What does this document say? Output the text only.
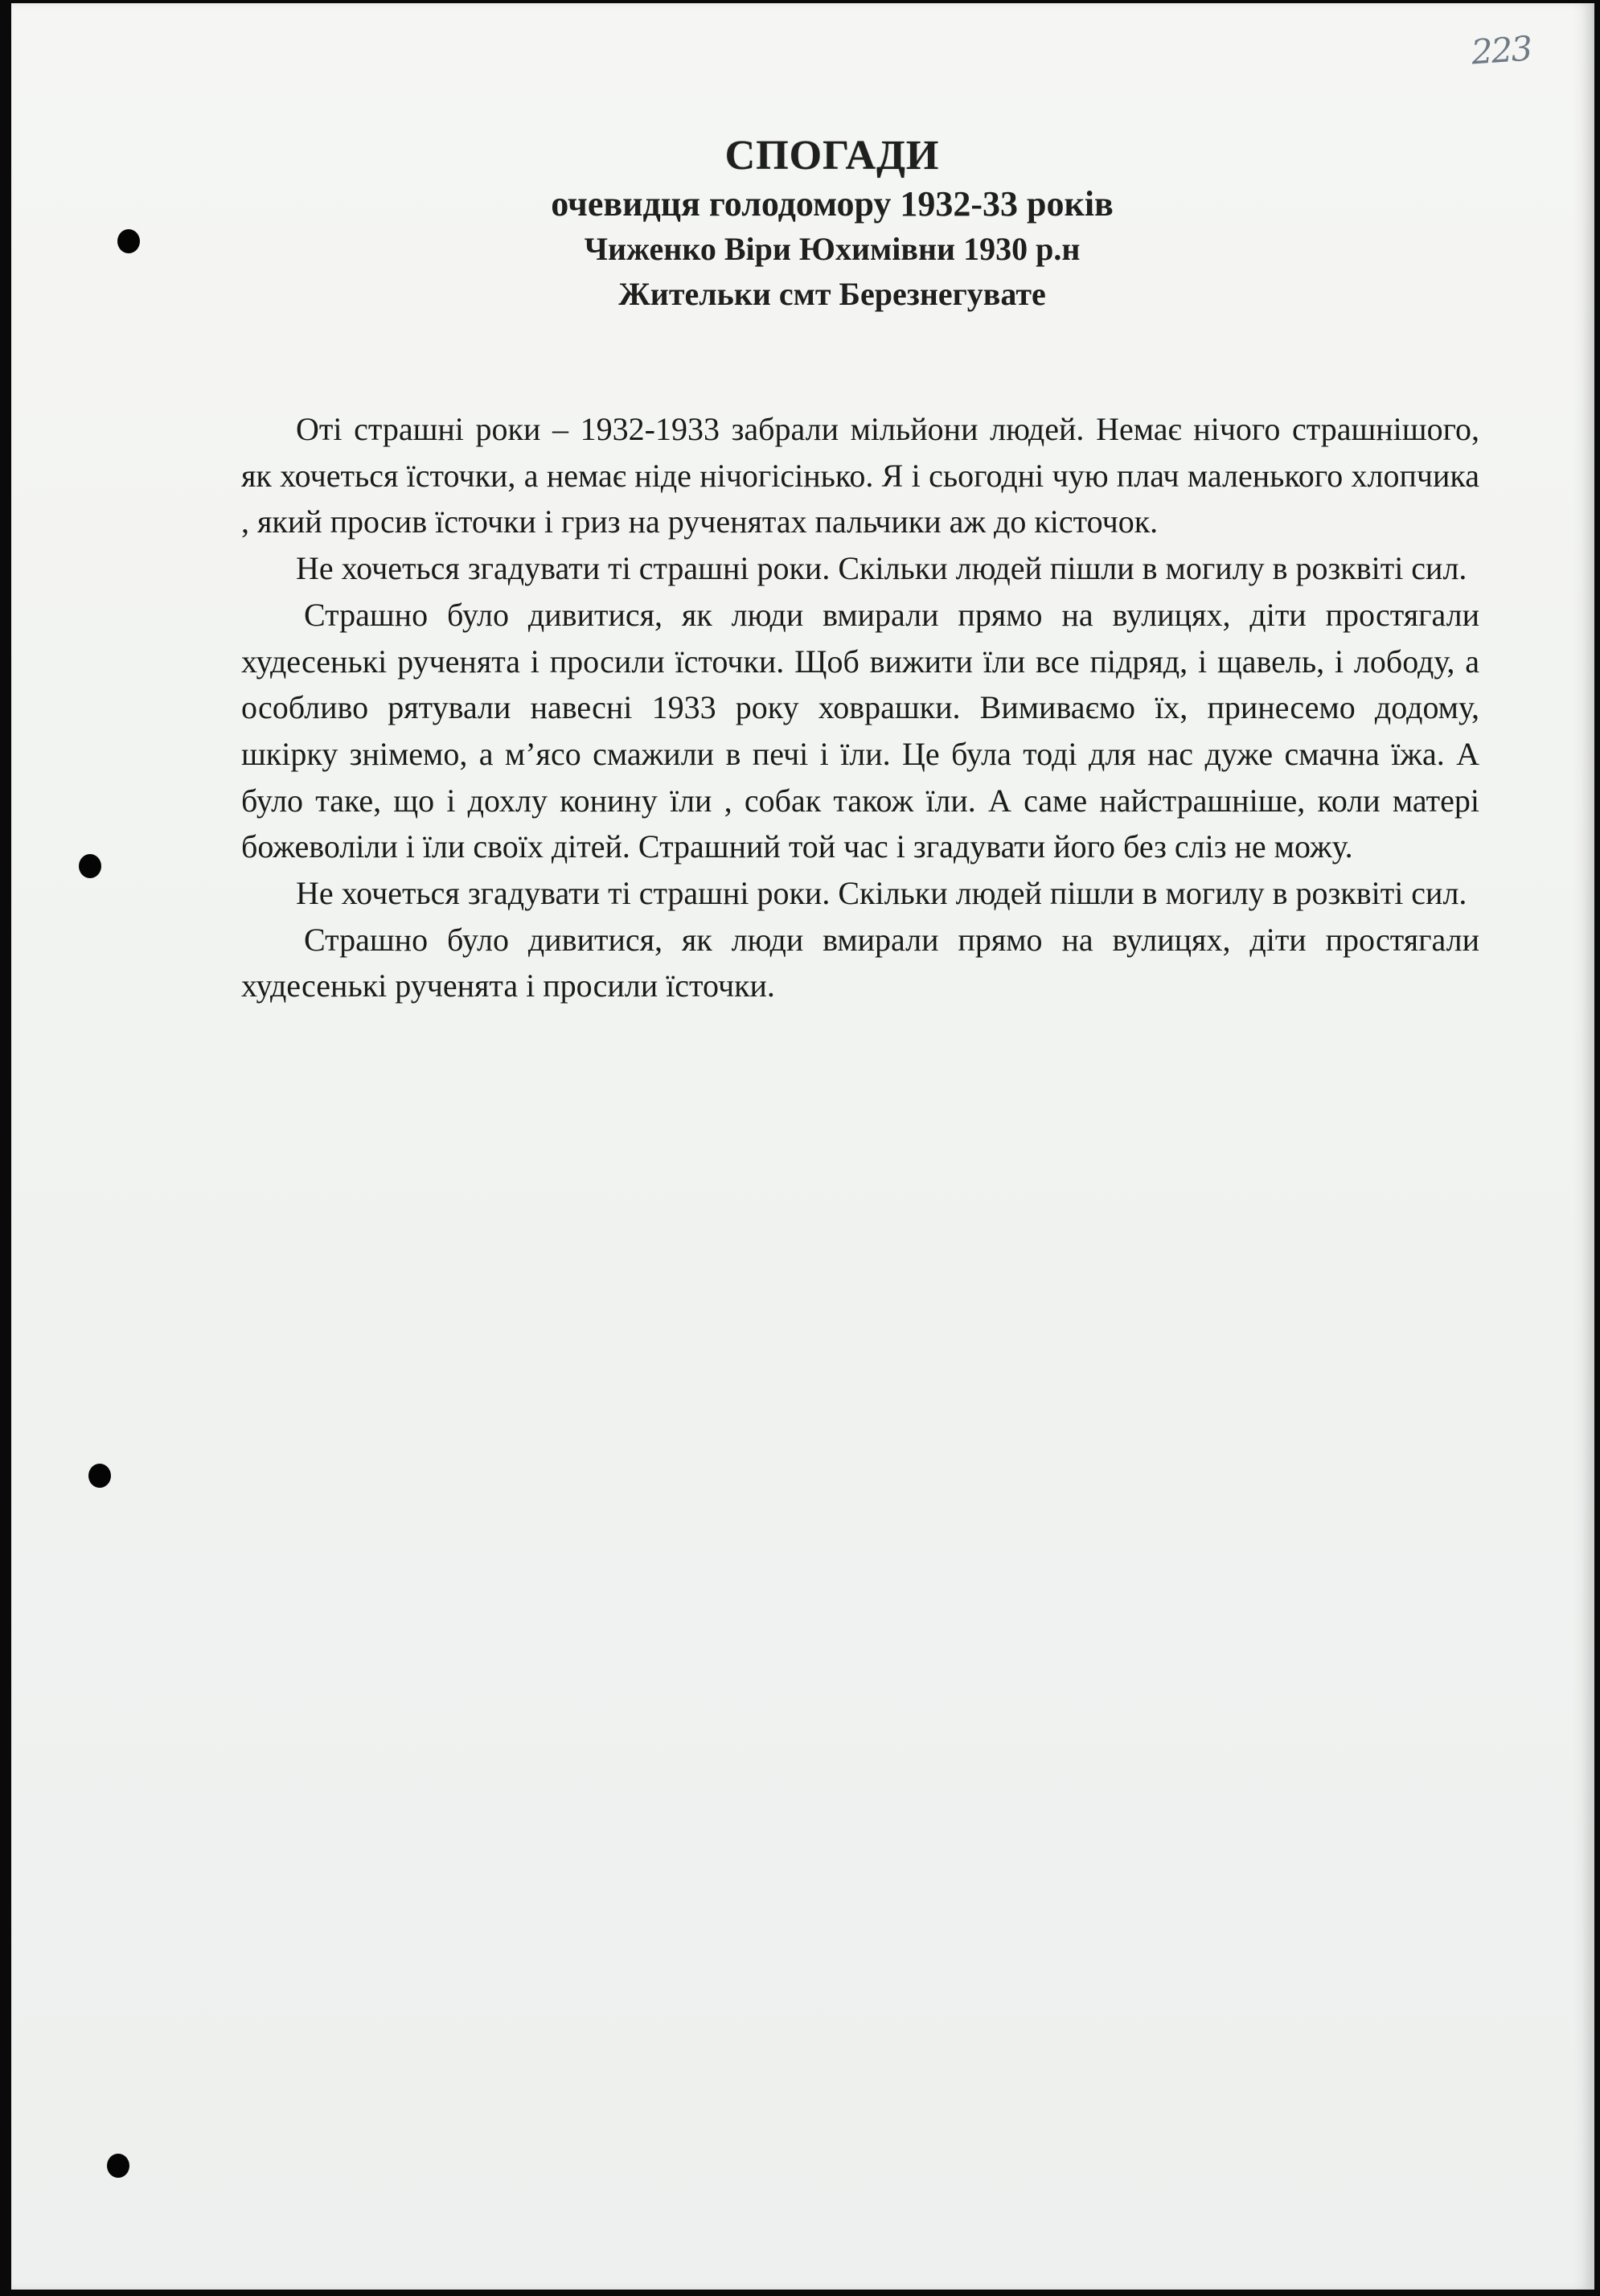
223
СПОГАДИ
очевидця голодомору 1932-33 років
Чиженко Віри Юхимівни 1930 р.н
Жительки смт Березнегувате

Оті страшні роки – 1932-1933 забрали мільйони людей. Немає нічого страшнішого, як хочеться їсточки, а немає ніде нічогісінько. Я і сьогодні чую плач маленького хлопчика , який просив їсточки і гриз на рученятах пальчики аж до кісточок.

Не хочеться згадувати ті страшні роки. Скільки людей пішли в могилу в розквіті сил.

Страшно було дивитися, як люди вмирали прямо на вулицях, діти простягали худесенькі рученята і просили їсточки. Щоб вижити їли все підряд, і щавель, і лободу, а особливо рятували навесні 1933 року ховрашки. Вимиваємо їх, принесемо додому, шкірку знімемо, а м’ясо смажили в печі і їли. Це була тоді для нас дуже смачна їжа. А було таке, що і дохлу конину їли , собак також їли. А саме найстрашніше, коли матері божеволіли і їли своїх дітей. Страшний той час і згадувати його без сліз не можу.

Не хочеться згадувати ті страшні роки. Скільки людей пішли в могилу в розквіті сил.

Страшно було дивитися, як люди вмирали прямо на вулицях, діти простягали худесенькі рученята і просили їсточки.
